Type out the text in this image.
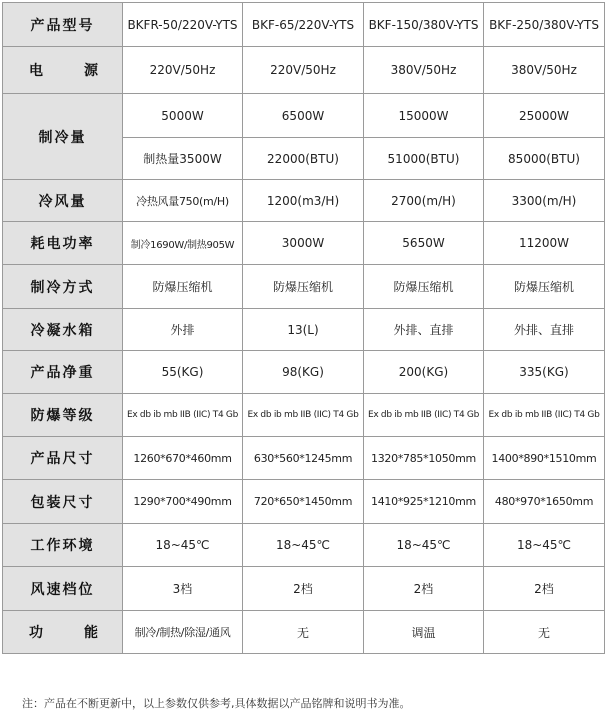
产品型号	BKFR-50/220V-YTS	BKF-65/220V-YTS	BKF-150/380V-YTS	BKF-250/380V-YTS

电 源	220V/50Hz	220V/50Hz	380V/50Hz	380V/50Hz
制冷量	5000W	6500W	15000W	25000W
	制热量3500W	22000(BTU)	51000(BTU)	85000(BTU)
冷风量	冷热风量750(m/H)	1200(m3/H)	2700(m/H)	3300(m/H)
耗电功率	制冷1690W/制热905W	3000W	5650W	11200W
制冷方式	防爆压缩机	防爆压缩机	防爆压缩机	防爆压缩机
冷凝水箱	外排	13(L)	外排、直排	外排、直排
产品净重	55(KG)	98(KG)	200(KG)	335(KG)
防爆等级	Ex db ib mb IIB (IIC) T4 Gb	Ex db ib mb IIB (IIC) T4 Gb	Ex db ib mb IIB (IIC) T4 Gb	Ex db ib mb IIB (IIC) T4 Gb
产品尺寸	1260*670*460mm	630*560*1245mm	1320*785*1050mm	1400*890*1510mm
包装尺寸	1290*700*490mm	720*650*1450mm	1410*925*1210mm	480*970*1650mm
工作环境	18~45℃	18~45℃	18~45℃	18~45℃
风速档位	3档	2档	2档	2档

功 能	制冷/制热/除湿/通风	无	调温	无
注：产品在不断更新中，以上参数仅供参考,具体数据以产品铭牌和说明书为准。
